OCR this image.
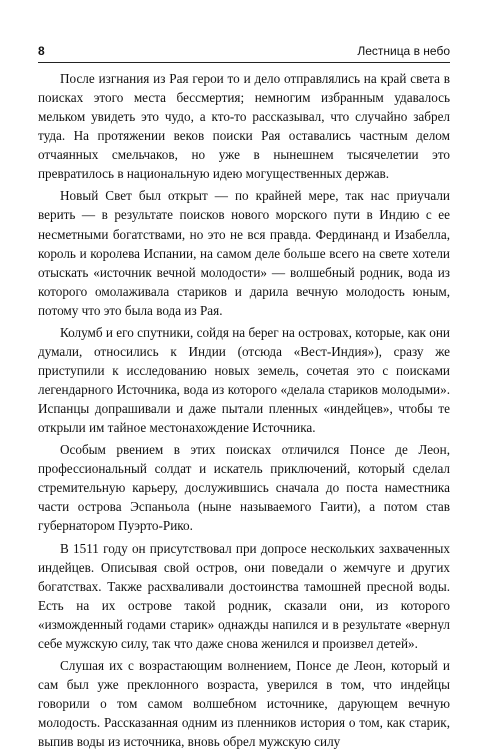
8	Лестница в небо

После изгнания из Рая герои то и дело отправлялись на край света в поисках этого места бессмертия; немногим избранным удавалось мельком увидеть это чудо, а кто-то рассказывал, что случайно забрел туда. На протяжении веков поиски Рая оставались частным делом отчаянных смельчаков, но уже в нынешнем тысячелетии это превратилось в национальную идею могущественных держав.

Новый Свет был открыт — по крайней мере, так нас приучали верить — в результате поисков нового морского пути в Индию с ее несметными богатствами, но это не вся правда. Фердинанд и Изабелла, король и королева Испании, на самом деле больше всего на свете хотели отыскать «источник вечной молодости» — волшебный родник, вода из которого омолаживала стариков и дарила вечную молодость юным, потому что это была вода из Рая.

Колумб и его спутники, сойдя на берег на островах, которые, как они думали, относились к Индии (отсюда «Вест-Индия»), сразу же приступили к исследованию новых земель, сочетая это с поисками легендарного Источника, вода из которого «делала стариков молодыми». Испанцы допрашивали и даже пытали пленных «индейцев», чтобы те открыли им тайное местонахождение Источника.

Особым рвением в этих поисках отличился Понсе де Леон, профессиональный солдат и искатель приключений, который сделал стремительную карьеру, дослужившись сначала до поста наместника части острова Эспаньола (ныне называемого Гаити), а потом став губернатором Пуэрто-Рико.

В 1511 году он присутствовал при допросе нескольких захваченных индейцев. Описывая свой остров, они поведали о жемчуге и других богатствах. Также расхваливали достоинства тамошней пресной воды. Есть на их острове такой родник, сказали они, из которого «изможденный годами старик» однажды напился и в результате «вернул себе мужскую силу, так что даже снова женился и произвел детей».

Слушая их с возрастающим волнением, Понсе де Леон, который и сам был уже преклонного возраста, уверился в том, что индейцы говорили о том самом волшебном источнике, дарующем вечную молодость. Рассказанная одним из пленников история о том, как старик, выпив воды из источника, вновь обрел мужскую силу
